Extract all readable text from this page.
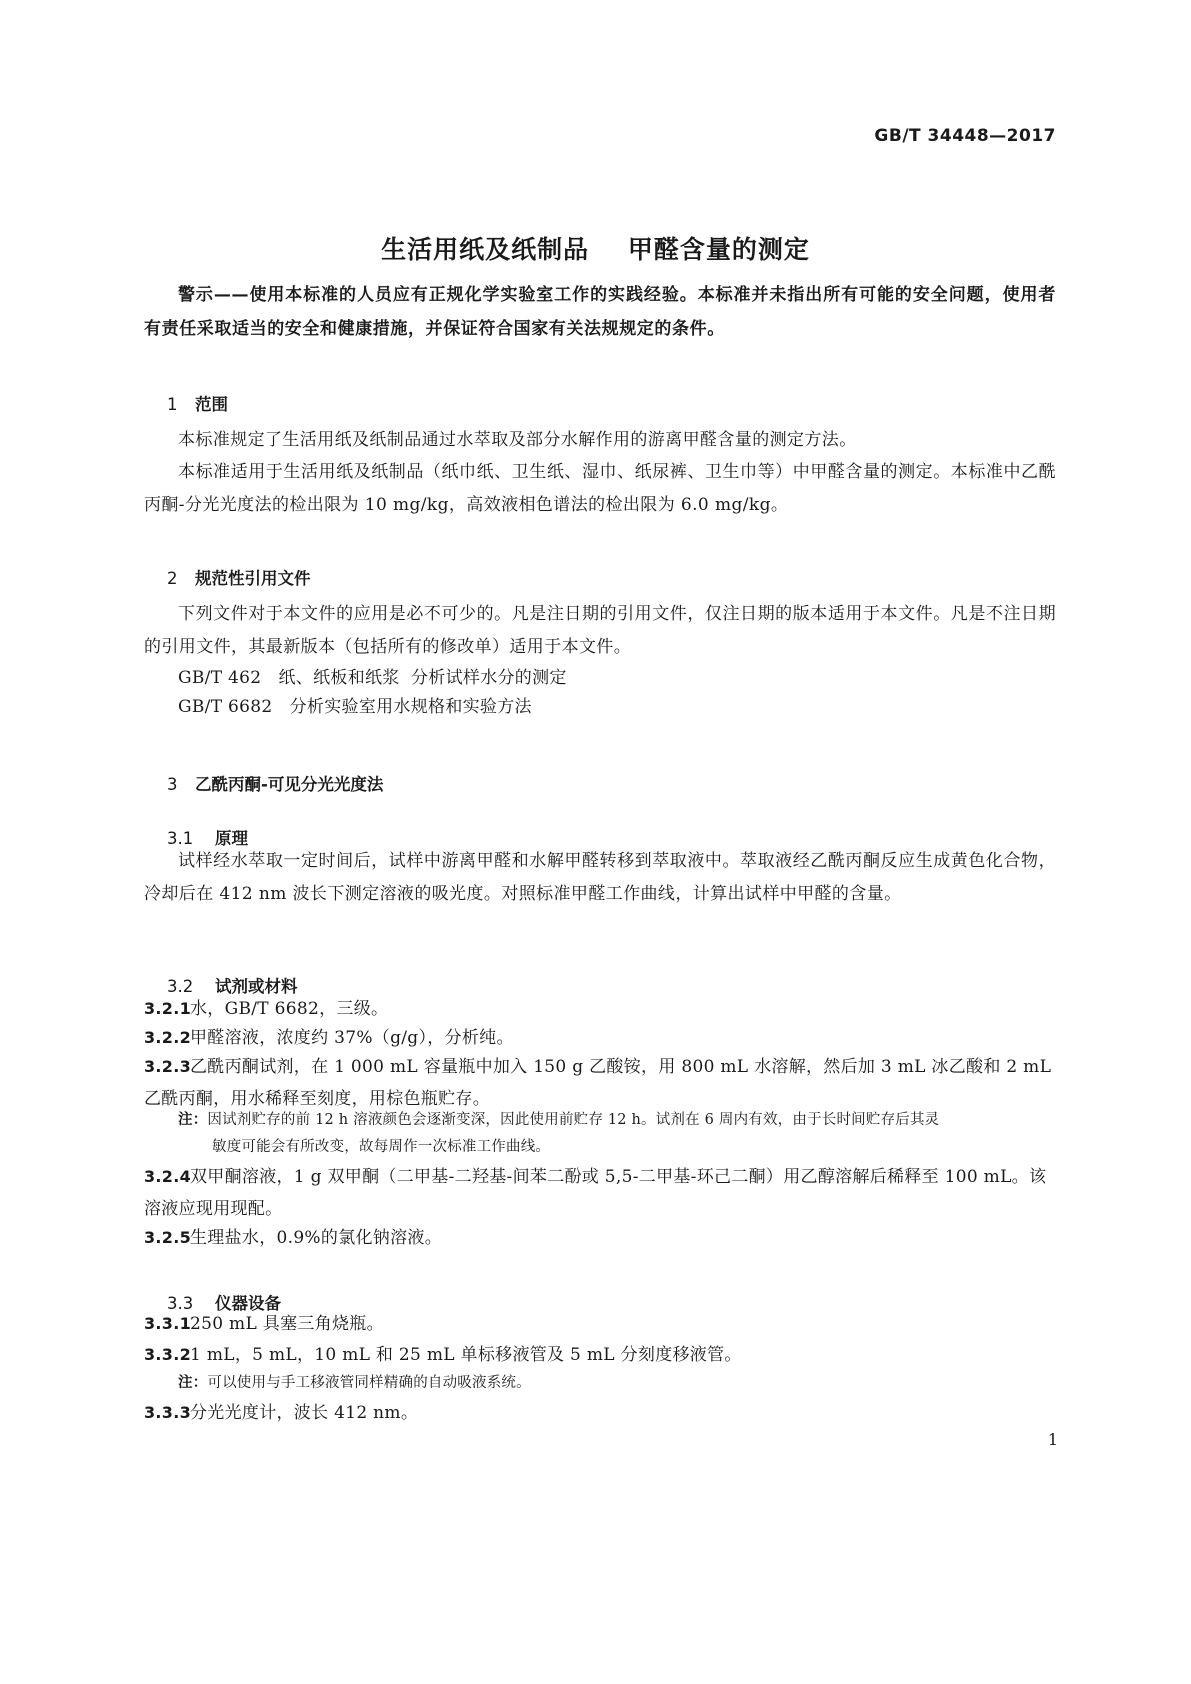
GB/T 34448—2017
生活用纸及纸制品    甲醛含量的测定
警示——使用本标准的人员应有正规化学实验室工作的实践经验。本标准并未指出所有可能的安全问题，使用者有责任采取适当的安全和健康措施，并保证符合国家有关法规规定的条件。

1 范围

本标准规定了生活用纸及纸制品通过水萃取及部分水解作用的游离甲醛含量的测定方法。
本标准适用于生活用纸及纸制品（纸巾纸、卫生纸、湿巾、纸尿裤、卫生巾等）中甲醛含量的测定。本标准中乙酰丙酮-分光光度法的检出限为 10 mg/kg，高效液相色谱法的检出限为 6.0 mg/kg。

2 规范性引用文件

下列文件对于本文件的应用是必不可少的。凡是注日期的引用文件，仅注日期的版本适用于本文件。凡是不注日期的引用文件，其最新版本（包括所有的修改单）适用于本文件。
GB/T 462   纸、纸板和纸浆  分析试样水分的测定
GB/T 6682   分析实验室用水规格和实验方法

3 乙酰丙酮-可见分光光度法

3.1 原理

试样经水萃取一定时间后，试样中游离甲醛和水解甲醛转移到萃取液中。萃取液经乙酰丙酮反应生成黄色化合物，冷却后在 412 nm 波长下测定溶液的吸光度。对照标准甲醛工作曲线，计算出试样中甲醛的含量。

3.2 试剂或材料

3.2.1水，GB/T 6682，三级。
3.2.2甲醛溶液，浓度约 37%（g/g），分析纯。
3.2.3乙酰丙酮试剂，在 1 000 mL 容量瓶中加入 150 g 乙酸铵，用 800 mL 水溶解，然后加 3 mL 冰乙酸和 2 mL 乙酰丙酮，用水稀释至刻度，用棕色瓶贮存。
注：因试剂贮存的前 12 h 溶液颜色会逐渐变深，因此使用前贮存 12 h。试剂在 6 周内有效，由于长时间贮存后其灵
敏度可能会有所改变，故每周作一次标准工作曲线。
3.2.4双甲酮溶液，1 g 双甲酮（二甲基-二羟基-间苯二酚或 5,5-二甲基-环己二酮）用乙醇溶解后稀释至 100 mL。该溶液应现用现配。
3.2.5生理盐水，0.9%的氯化钠溶液。

3.3 仪器设备

3.3.1250 mL 具塞三角烧瓶。
3.3.21 mL，5 mL，10 mL 和 25 mL 单标移液管及 5 mL 分刻度移液管。
注：可以使用与手工移液管同样精确的自动吸液系统。
3.3.3分光光度计，波长 412 nm。
1
